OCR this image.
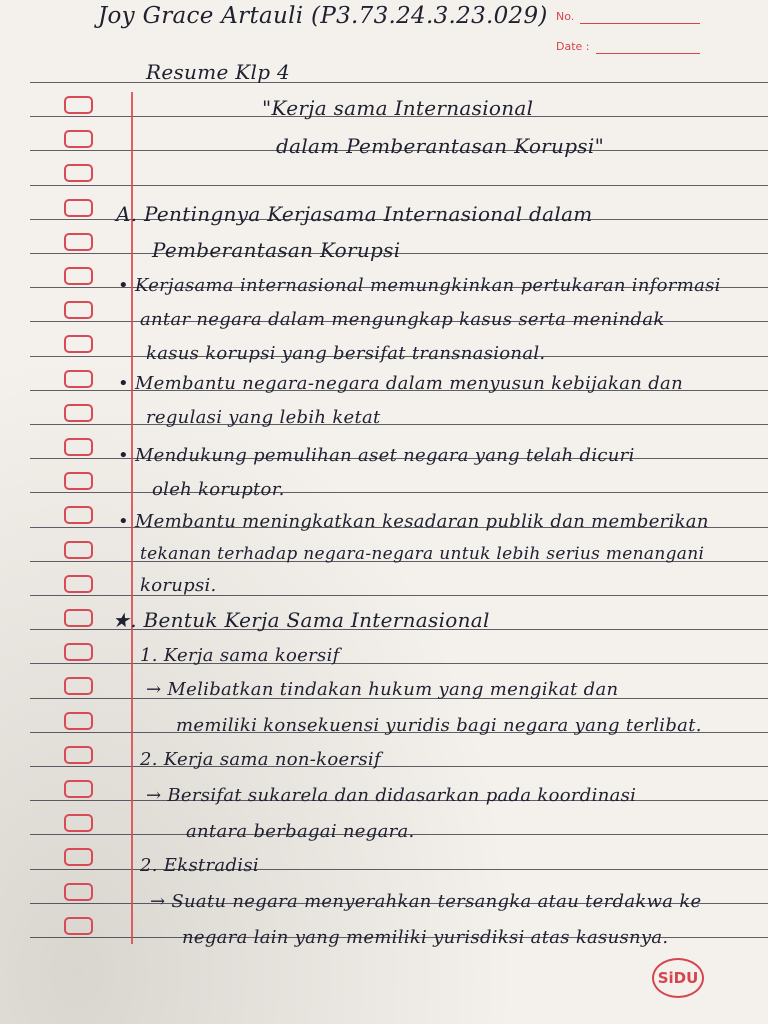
No.
Date :
Joy Grace Artauli (P3.73.24.3.23.029)
Resume Klp 4
"Kerja sama Internasional
dalam Pemberantasan Korupsi"
A. Pentingnya Kerjasama Internasional dalam
Pemberantasan Korupsi
• Kerjasama internasional memungkinkan pertukaran informasi
antar negara dalam mengungkap kasus serta menindak
kasus korupsi yang bersifat transnasional.
• Membantu negara-negara dalam menyusun kebijakan dan
regulasi yang lebih ketat
• Mendukung pemulihan aset negara yang telah dicuri
oleh koruptor.
• Membantu meningkatkan kesadaran publik dan memberikan
tekanan terhadap negara-negara untuk lebih serius menangani
korupsi.
★. Bentuk Kerja Sama Internasional
1. Kerja sama koersif
→ Melibatkan tindakan hukum yang mengikat dan
memiliki konsekuensi yuridis bagi negara yang terlibat.
2. Kerja sama non-koersif
→ Bersifat sukarela dan didasarkan pada koordinasi
antara berbagai negara.
2. Ekstradisi
→ Suatu negara menyerahkan tersangka atau terdakwa ke
negara lain yang memiliki yurisdiksi atas kasusnya.
SiDU
